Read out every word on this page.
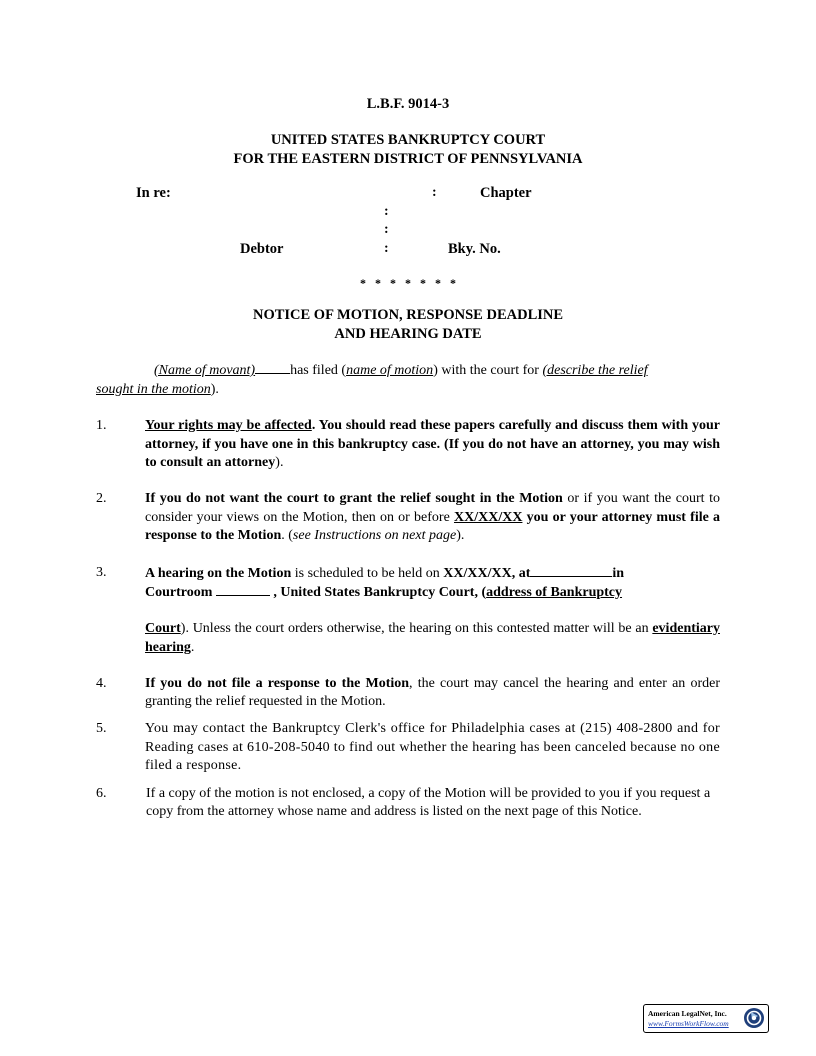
L.B.F. 9014-3
UNITED STATES BANKRUPTCY COURT
FOR THE EASTERN DISTRICT OF PENNSYLVANIA
In re:	:	Chapter
:
:
Debtor	:	Bky. No.
*   *   *   *   *   *   *
NOTICE OF MOTION, RESPONSE DEADLINE
AND HEARING DATE
(Name of movant)	has filed (name of motion) with the court for (describe the relief
sought in the motion).
1.	Your rights may be affected. You should read these papers carefully and discuss them with your attorney, if you have one in this bankruptcy case. (If you do not have an attorney, you may wish to consult an attorney).
2.	If you do not want the court to grant the relief sought in the Motion or if you want the court to consider your views on the Motion, then on or before XX/XX/XX you or your attorney must file a response to the Motion. (see Instructions on next page).
3.	A hearing on the Motion is scheduled to be held on XX/XX/XX, at	in
Courtroom	, United States Bankruptcy Court, (address of Bankruptcy

Court). Unless the court orders otherwise, the hearing on this contested matter will be an evidentiary hearing.
4.	If you do not file a response to the Motion, the court may cancel the hearing and enter an order granting the relief requested in the Motion.
5.	You may contact the Bankruptcy Clerk's office for Philadelphia cases at (215) 408-2800 and for Reading cases at 610-208-5040 to find out whether the hearing has been canceled because no one filed a response.
6.	If a copy of the motion is not enclosed, a copy of the Motion will be provided to you if you request a copy from the attorney whose name and address is listed on the next page of this Notice.
American LegalNet, Inc.
www.FormsWorkFlow.com
